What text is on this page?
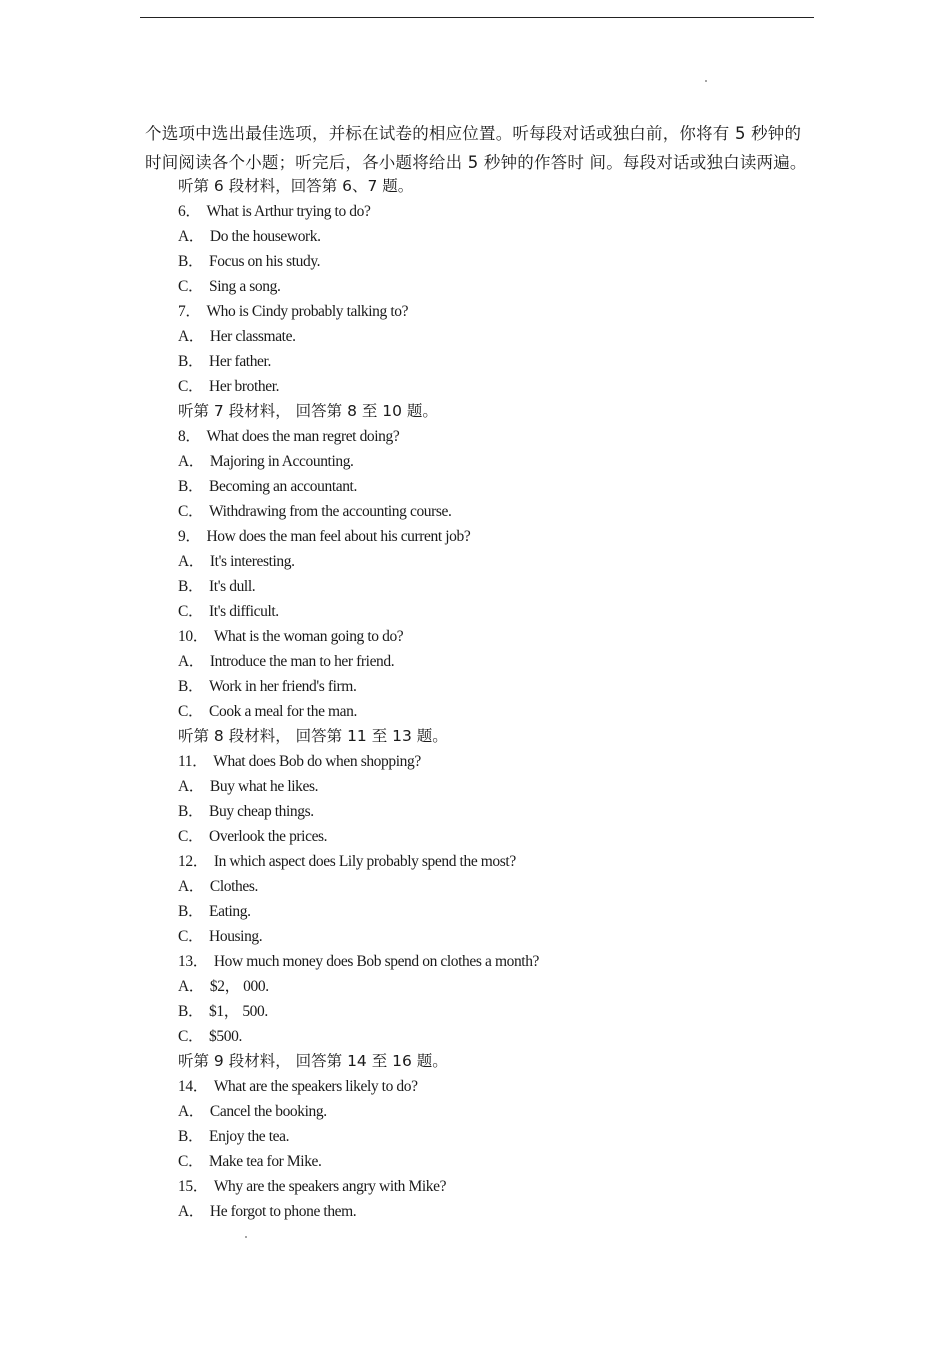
个选项中选出最佳选项，并标在试卷的相应位置。听每段对话或独白前，你将有 5 秒钟的

时间阅读各个小题；听完后，各小题将给出 5 秒钟的作答时 间。每段对话或独白读两遍。

听第 6 段材料，回答第 6、7 题。
6． What is Arthur trying to do?
A． Do the housework.
B． Focus on his study.
C． Sing a song.
7． Who is Cindy probably talking to?
A． Her classmate.
B． Her father.
C． Her brother.
听第 7 段材料， 回答第 8 至 10 题。
8． What does the man regret doing?
A． Majoring in Accounting.
B． Becoming an accountant.
C． Withdrawing from the accounting course.
9． How does the man feel about his current job?
A． It's interesting.
B． It's dull.
C． It's difficult.
10． What is the woman going to do?
A． Introduce the man to her friend.
B． Work in her friend's firm.
C． Cook a meal for the man.
听第 8 段材料， 回答第 11 至 13 题。
11． What does Bob do when shopping?
A． Buy what he likes.
B． Buy cheap things.
C． Overlook the prices.
12． In which aspect does Lily probably spend the most?
A． Clothes.
B． Eating.
C． Housing.
13． How much money does Bob spend on clothes a month?
A． $2， 000.
B． $1， 500.
C． $500.
听第 9 段材料， 回答第 14 至 16 题。
14． What are the speakers likely to do?
A． Cancel the booking.
B． Enjoy the tea.
C． Make tea for Mike.
15． Why are the speakers angry with Mike?
A． He forgot to phone them.
